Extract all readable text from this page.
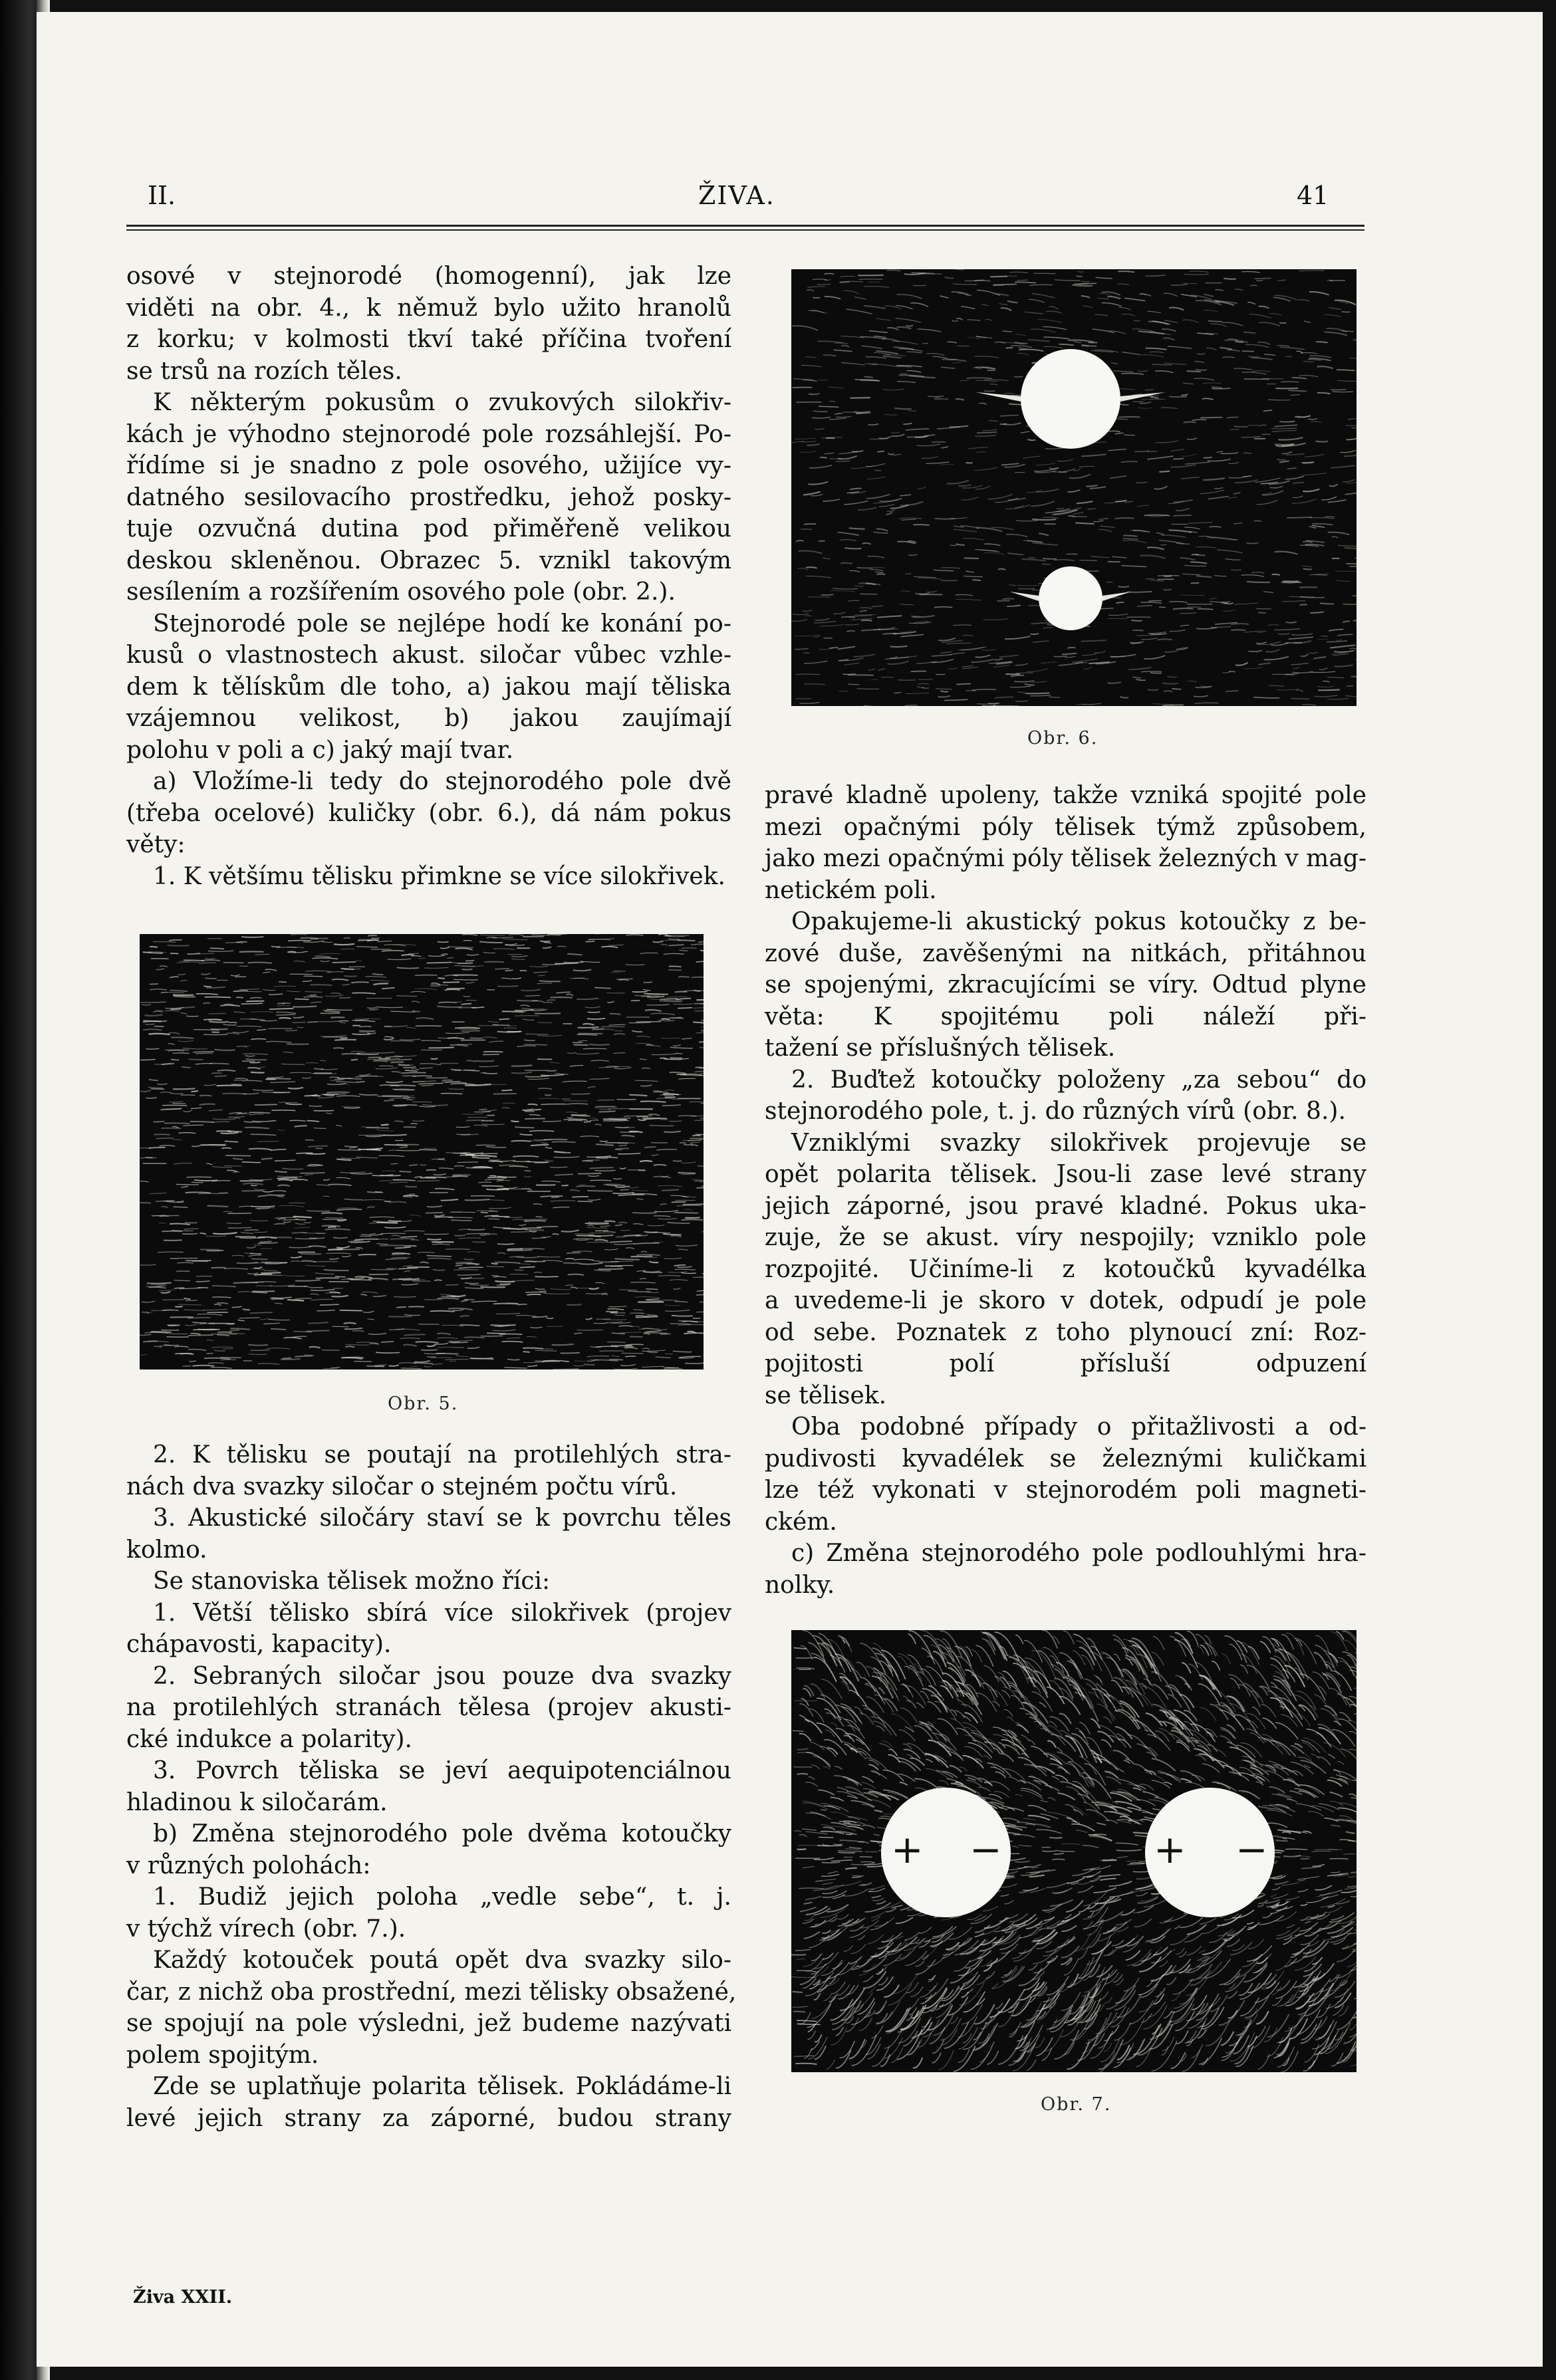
II.	ŽIVA.	41

osové v stejnorodé (homogenní), jak lze
viděti na obr. 4., k němuž bylo užito hranolů
z korku; v kolmosti tkví také příčina tvoření
se trsů na rozích těles.

K některým pokusům o zvukových silokřiv-

kách je výhodno stejnorodé pole rozsáhlejší. Po-
řídíme si je snadno z pole osového, užijíce vy-
datného sesilovacího prostředku, jehož posky-
tuje ozvučná dutina pod přiměřeně velikou
deskou skleněnou. Obrazec 5. vznikl takovým
sesílením a rozšířením osového pole (obr. 2.).

Stejnorodé pole se nejlépe hodí ke konání po-

kusů o vlastnostech akust. siločar vůbec vzhle-
dem k tělískům dle toho, a) jakou mají těliska
vzájemnou velikost, b) jakou zaujímají
polohu v poli a c) jaký mají tvar.

a) Vložíme-li tedy do stejnorodého pole dvě

(třeba ocelové) kuličky (obr. 6.), dá nám pokus
věty:

1. K většímu tělisku přimkne se více silokřivek.

Obr. 5.

2. K tělisku se poutají na protilehlých stra-

nách dva svazky siločar o stejném počtu vírů.

3. Akustické siločáry staví se k povrchu těles

kolmo.

Se stanoviska tělisek možno říci:

1. Větší tělisko sbírá více silokřivek (projev

chápavosti, kapacity).

2. Sebraných siločar jsou pouze dva svazky

na protilehlých stranách tělesa (projev akusti-
cké indukce a polarity).

3. Povrch těliska se jeví aequipotenciálnou

hladinou k siločarám.

b) Změna stejnorodého pole dvěma kotoučky

v různých polohách:

1. Budiž jejich poloha „vedle sebe“, t. j.

v týchž vírech (obr. 7.).

Každý kotouček poutá opět dva svazky silo-

čar, z nichž oba prostřední, mezi tělisky obsažené,
se spojují na pole výsledni, jež budeme nazývati
polem spojitým.

Zde se uplatňuje polarita tělisek. Pokládáme-li

levé jejich strany za záporné, budou strany

Živa XXII.
Obr. 6.

pravé kladně upoleny, takže vzniká spojité pole
mezi opačnými póly tělisek týmž způsobem,
jako mezi opačnými póly tělisek železných v mag-
netickém poli.

Opakujeme-li akustický pokus kotoučky z be-

zové duše, zavěšenými na nitkách, přitáhnou
se spojenými, zkracujícími se víry. Odtud plyne
věta: K spojitému poli náleží při-
tažení se příslušných tělisek.

2. Buďtež kotoučky položeny „za sebou“ do

stejnorodého pole, t. j. do různých vírů (obr. 8.).

Vzniklými svazky silokřivek projevuje se

opět polarita tělisek. Jsou-li zase levé strany
jejich záporné, jsou pravé kladné. Pokus uka-
zuje, že se akust. víry nespojily; vzniklo pole
rozpojité. Učiníme-li z kotoučků kyvadélka
a uvedeme-li je skoro v dotek, odpudí je pole
od sebe. Poznatek z toho plynoucí zní: Roz-
pojitosti polí přísluší odpuzení
se tělisek.

Oba podobné případy o přitažlivosti a od-

pudivosti kyvadélek se železnými kuličkami
lze též vykonati v stejnorodém poli magneti-
ckém.

c) Změna stejnorodého pole podlouhlými hra-

nolky.

+ −	+ −
Obr. 7.
